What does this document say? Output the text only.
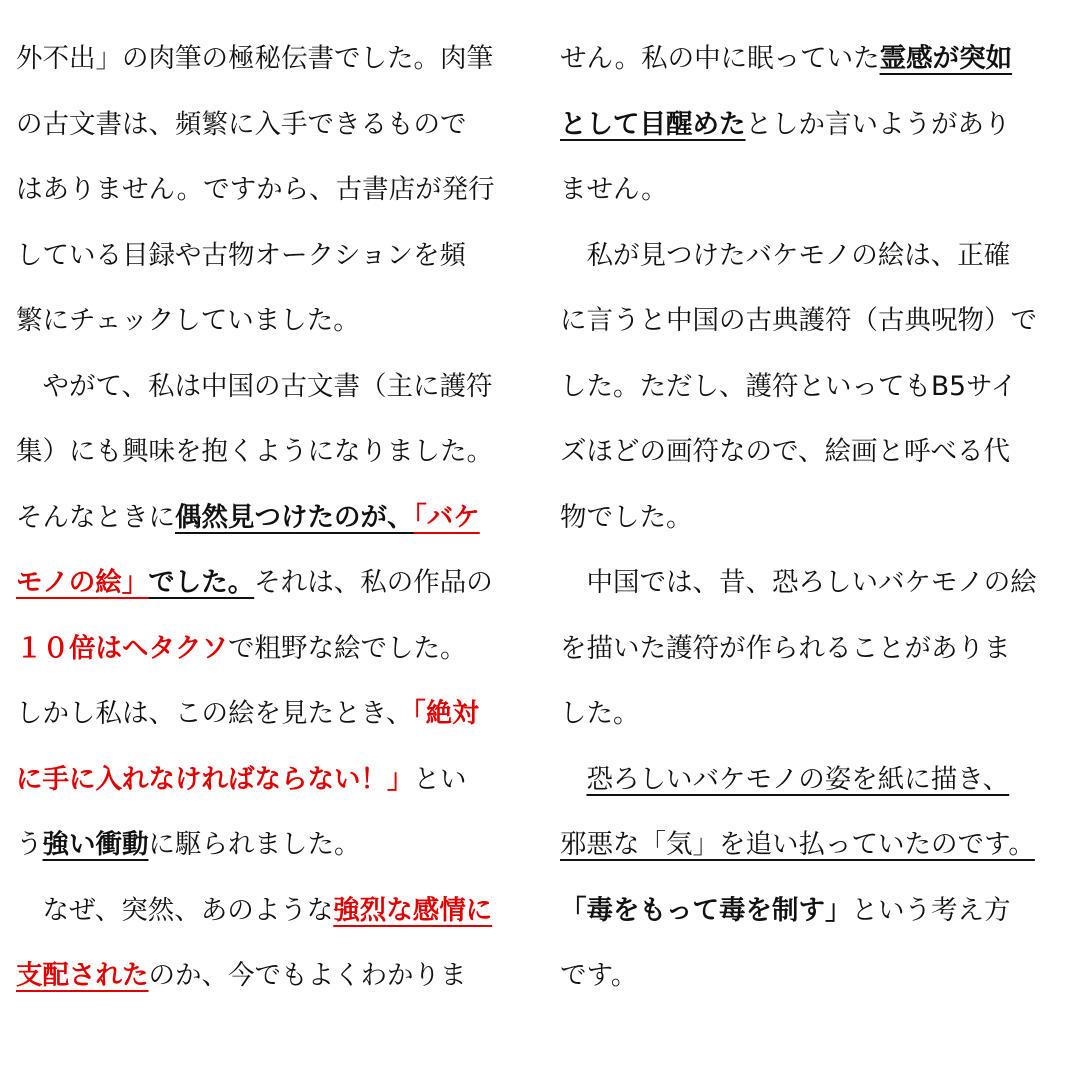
外不出」の肉筆の極秘伝書でした。肉筆
の古文書は、頻繁に入手できるもので
はありません。ですから、古書店が発行
している目録や古物オークションを頻
繁にチェックしていました。
　やがて、私は中国の古文書（主に護符
集）にも興味を抱くようになりました。
そんなときに偶然見つけたのが、「バケ
モノの絵」でした。それは、私の作品の
１０倍はヘタクソで粗野な絵でした。
しかし私は、この絵を見たとき、「絶対
に手に入れなければならない！」とい
う強い衝動に駆られました。
　なぜ、突然、あのような強烈な感情に
支配されたのか、今でもよくわかりま
せん。私の中に眠っていた霊感が突如
として目醒めたとしか言いようがあり
ません。
　私が見つけたバケモノの絵は、正確
に言うと中国の古典護符（古典呪物）で
した。ただし、護符といってもB5サイ
ズほどの画符なので、絵画と呼べる代
物でした。
　中国では、昔、恐ろしいバケモノの絵
を描いた護符が作られることがありま
した。
　恐ろしいバケモノの姿を紙に描き、
邪悪な「気」を追い払っていたのです。
「毒をもって毒を制す」という考え方
です。
